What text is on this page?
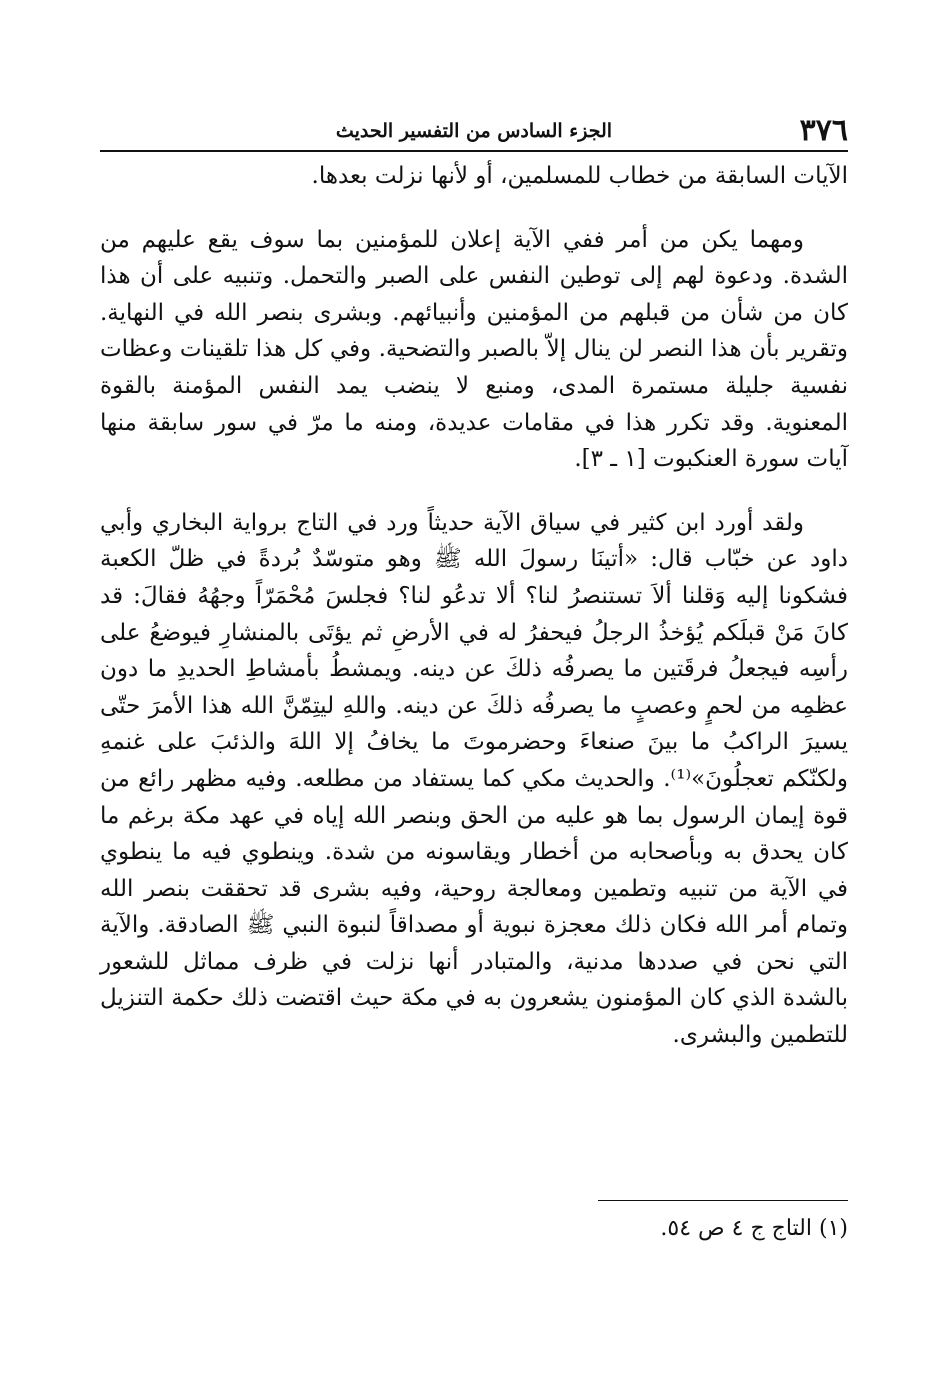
٣٧٦
الجزء السادس من التفسير الحديث

الآيات السابقة من خطاب للمسلمين، أو لأنها نزلت بعدها.

ومهما يكن من أمر ففي الآية إعلان للمؤمنين بما سوف يقع عليهم من الشدة. ودعوة لهم إلى توطين النفس على الصبر والتحمل. وتنبيه على أن هذا كان من شأن من قبلهم من المؤمنين وأنبيائهم. وبشرى بنصر الله في النهاية. وتقرير بأن هذا النصر لن ينال إلاّ بالصبر والتضحية. وفي كل هذا تلقينات وعظات نفسية جليلة مستمرة المدى، ومنبع لا ينضب يمد النفس المؤمنة بالقوة المعنوية. وقد تكرر هذا في مقامات عديدة، ومنه ما مرّ في سور سابقة منها آيات سورة العنكبوت [١ ـ ٣].

ولقد أورد ابن كثير في سياق الآية حديثاً ورد في التاج برواية البخاري وأبي داود عن خبّاب قال: «أتينَا رسولَ الله ﷺ وهو متوسّدٌ بُردةً في ظلّ الكعبة فشكونا إليه وَقلنا ألاَ تستنصرُ لنا؟ ألا تدعُو لنا؟ فجلسَ مُحْمَرّاً وجهُهُ فقالَ: قد كانَ مَنْ قبلَكم يُؤخذُ الرجلُ فيحفرُ له في الأرضِ ثم يؤتَى بالمنشارِ فيوضعُ على رأسِه فيجعلُ فرقَتين ما يصرفُه ذلكَ عن دينه. ويمشطُ بأمشاطِ الحديدِ ما دون عظمِه من لحمٍ وعصبٍ ما يصرفُه ذلكَ عن دينه. واللهِ ليتِمّنَّ الله هذا الأمرَ حتّى يسيرَ الراكبُ ما بينَ صنعاءَ وحضرموتَ ما يخافُ إلا اللهَ والذئبَ على غنمهِ ولكنّكم تعجلُونَ»⁽¹⁾. والحديث مكي كما يستفاد من مطلعه. وفيه مظهر رائع من قوة إيمان الرسول بما هو عليه من الحق وبنصر الله إياه في عهد مكة برغم ما كان يحدق به وبأصحابه من أخطار ويقاسونه من شدة. وينطوي فيه ما ينطوي في الآية من تنبيه وتطمين ومعالجة روحية، وفيه بشرى قد تحققت بنصر الله وتمام أمر الله فكان ذلك معجزة نبوية أو مصداقاً لنبوة النبي ﷺ الصادقة. والآية التي نحن في صددها مدنية، والمتبادر أنها نزلت في ظرف مماثل للشعور بالشدة الذي كان المؤمنون يشعرون به في مكة حيث اقتضت ذلك حكمة التنزيل للتطمين والبشرى.

(١) التاج ج ٤ ص ٥٤.
